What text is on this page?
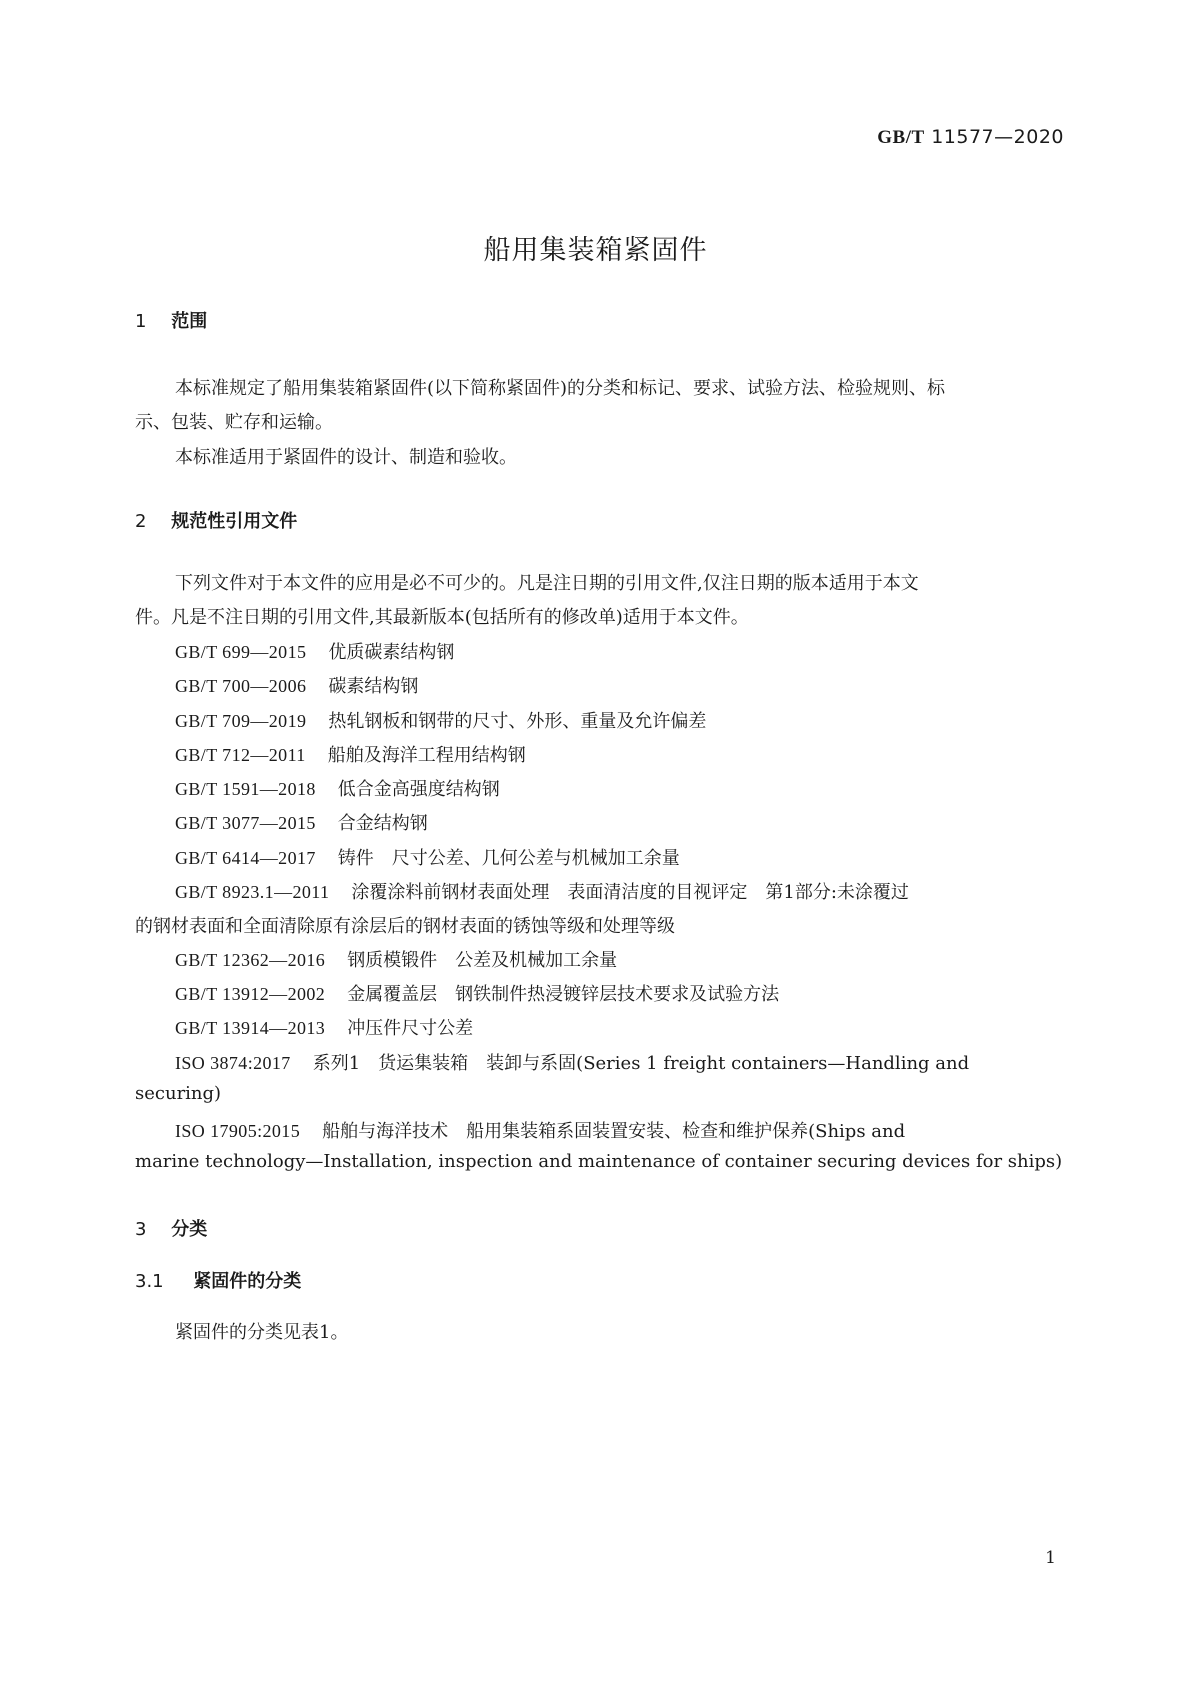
GB/T 11577—2020
船用集装箱紧固件
1 范围
本标准规定了船用集装箱紧固件(以下简称紧固件)的分类和标记、要求、试验方法、检验规则、标
示、包装、贮存和运输。
本标准适用于紧固件的设计、制造和验收。
2 规范性引用文件
下列文件对于本文件的应用是必不可少的。凡是注日期的引用文件,仅注日期的版本适用于本文
件。凡是不注日期的引用文件,其最新版本(包括所有的修改单)适用于本文件。
GB/T 699—2015 优质碳素结构钢
GB/T 700—2006 碳素结构钢
GB/T 709—2019 热轧钢板和钢带的尺寸、外形、重量及允许偏差
GB/T 712—2011 船舶及海洋工程用结构钢
GB/T 1591—2018 低合金高强度结构钢
GB/T 3077—2015 合金结构钢
GB/T 6414—2017 铸件　尺寸公差、几何公差与机械加工余量
GB/T 8923.1—2011 涂覆涂料前钢材表面处理　表面清洁度的目视评定　第1部分:未涂覆过
的钢材表面和全面清除原有涂层后的钢材表面的锈蚀等级和处理等级
GB/T 12362—2016 钢质模锻件　公差及机械加工余量
GB/T 13912—2002 金属覆盖层　钢铁制件热浸镀锌层技术要求及试验方法
GB/T 13914—2013 冲压件尺寸公差
ISO 3874:2017 系列1　货运集装箱　装卸与系固(Series 1 freight containers—Handling and
securing)
ISO 17905:2015 船舶与海洋技术　船用集装箱系固装置安装、检查和维护保养(Ships and
marine technology—Installation, inspection and maintenance of container securing devices for ships)
3 分类
3.1 紧固件的分类
紧固件的分类见表1。
1
